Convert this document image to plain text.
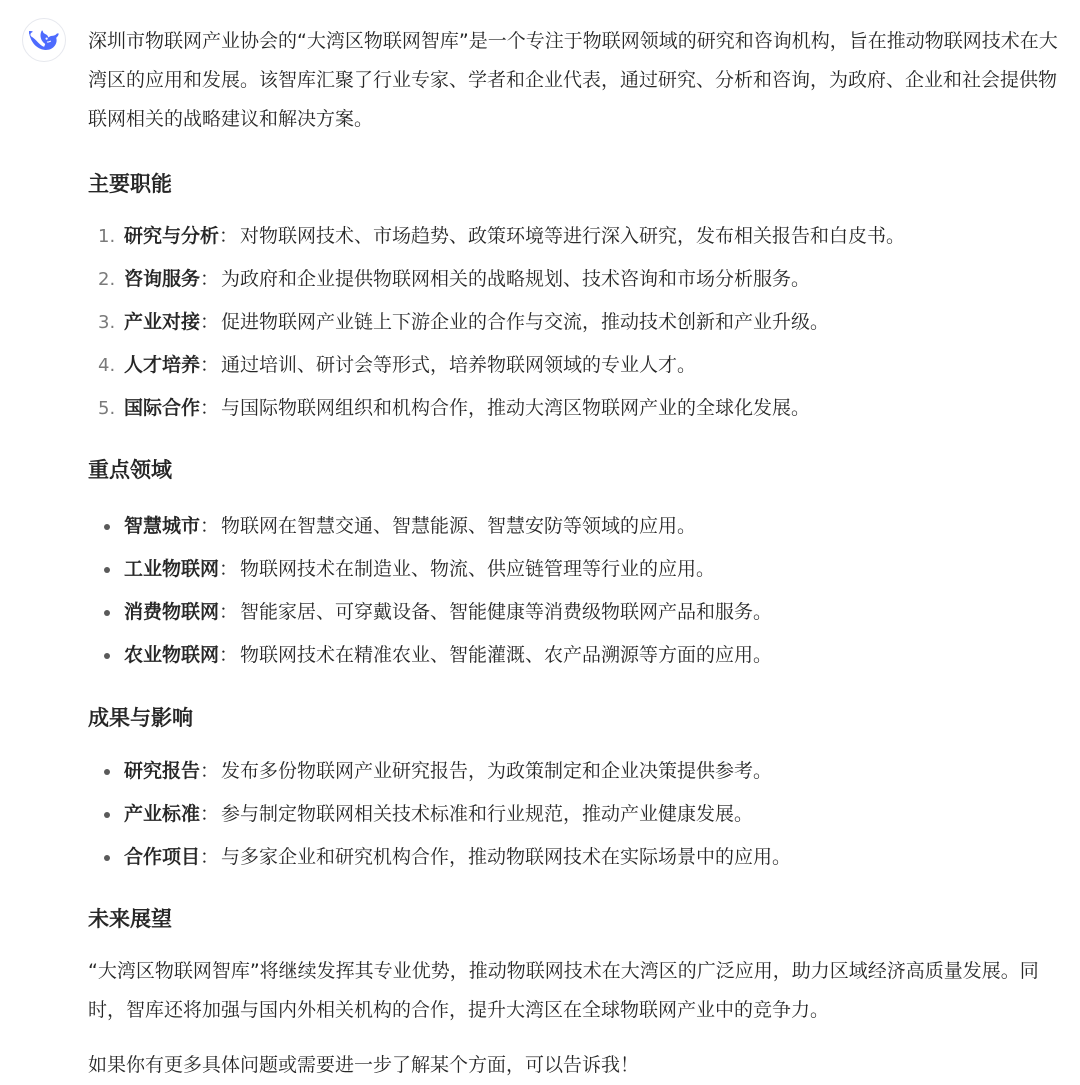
深圳市物联网产业协会的“大湾区物联网智库”是一个专注于物联网领域的研究和咨询机构，旨在推动物联网技术在大湾区的应用和发展。该智库汇聚了行业专家、学者和企业代表，通过研究、分析和咨询，为政府、企业和社会提供物联网相关的战略建议和解决方案。

主要职能
1. 研究与分析： 对物联网技术、市场趋势、政策环境等进行深入研究，发布相关报告和白皮书。
2. 咨询服务： 为政府和企业提供物联网相关的战略规划、技术咨询和市场分析服务。
3. 产业对接： 促进物联网产业链上下游企业的合作与交流，推动技术创新和产业升级。
4. 人才培养： 通过培训、研讨会等形式，培养物联网领域的专业人才。
5. 国际合作： 与国际物联网组织和机构合作，推动大湾区物联网产业的全球化发展。
重点领域
智慧城市： 物联网在智慧交通、智慧能源、智慧安防等领域的应用。
工业物联网： 物联网技术在制造业、物流、供应链管理等行业的应用。
消费物联网： 智能家居、可穿戴设备、智能健康等消费级物联网产品和服务。
农业物联网： 物联网技术在精准农业、智能灌溉、农产品溯源等方面的应用。
成果与影响
研究报告： 发布多份物联网产业研究报告，为政策制定和企业决策提供参考。
产业标准： 参与制定物联网相关技术标准和行业规范，推动产业健康发展。
合作项目： 与多家企业和研究机构合作，推动物联网技术在实际场景中的应用。
未来展望

“大湾区物联网智库”将继续发挥其专业优势，推动物联网技术在大湾区的广泛应用，助力区域经济高质量发展。同时，智库还将加强与国内外相关机构的合作，提升大湾区在全球物联网产业中的竞争力。

如果你有更多具体问题或需要进一步了解某个方面，可以告诉我！
